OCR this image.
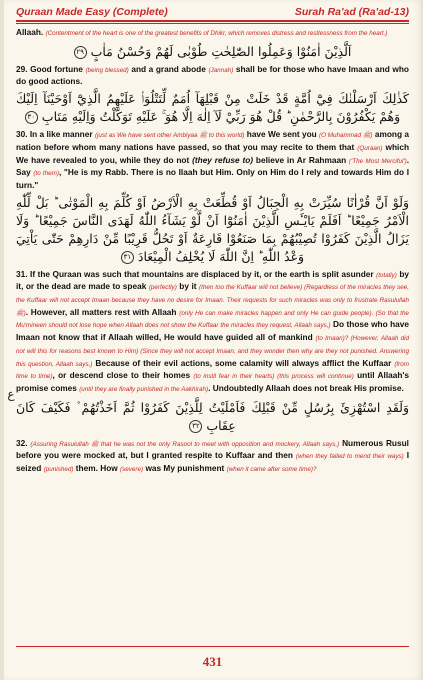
Quraan Made Easy (Complete)	Surah Ra'ad (Ra'ad-13)

Allaah. (Contentment of the heart is one of the greatest benefits of Dhikr, which removes distress and restlessness from the heart.)

اَلَّذِيْنَ اٰمَنُوْا وَعَمِلُوا الصّٰلِحٰتِ طُوْبٰى لَهُمْ وَحُسْنُ مَاٰبٍ ٢٩

29. Good fortune (being blessed) and a grand abode (Jannah) shall be for those who have Imaan and who do good actions.

كَذٰلِكَ اَرْسَلْنٰكَ فِيْٓ اُمَّةٍ قَدْ خَلَتْ مِنْ قَبْلِهَآ اُمَمٌ لِّتَتْلُوَا۟ عَلَيْهِمُ الَّذِيْٓ اَوْحَيْنَآ اِلَيْكَ وَهُمْ يَكْفُرُوْنَ بِالرَّحْمٰنِ ؕ قُلْ هُوَ رَبِّيْ لَآ اِلٰهَ اِلَّا هُوَ ۚ عَلَيْهِ تَوَكَّلْتُ وَاِلَيْهِ مَتَابِ ٣٠

30. In a like manner (just as We have sent other Ambiyaa ﷺ to this world) have We sent you (O Muhammad ﷺ) among a nation before whom many nations have passed, so that you may recite to them that (Quraan) which We have revealed to you, while they do not (they refuse to) believe in Ar Rahmaan ('The Most Merciful'). Say (to them), "He is my Rabb. There is no Ilaah but Him. Only on Him do I rely and towards Him do I turn."

وَلَوْ اَنَّ قُرْاٰنًا سُيِّرَتْ بِهِ الْجِبَالُ اَوْ قُطِّعَتْ بِهِ الْاَرْضُ اَوْ كُلِّمَ بِهِ الْمَوْتٰى ؕ بَلْ لِّلّٰهِ الْاَمْرُ جَمِيْعًا ؕ اَفَلَمْ يَايْـَٔسِ الَّذِيْنَ اٰمَنُوْٓا اَنْ لَّوْ يَشَآءُ اللّٰهُ لَهَدَى النَّاسَ جَمِيْعًا ؕ وَلَا يَزَالُ الَّذِيْنَ كَفَرُوْا تُصِيْبُهُمْ بِمَا صَنَعُوْا قَارِعَةٌ اَوْ تَحُلُّ قَرِيْبًا مِّنْ دَارِهِمْ حَتّٰى يَاْتِيَ وَعْدُ اللّٰهِ ؕ اِنَّ اللّٰهَ لَا يُخْلِفُ الْمِيْعَادَ ٣١

31. If the Quraan was such that mountains are displaced by it, or the earth is split asunder (totally) by it, or the dead are made to speak (perfectly) by it (then too the Kuffaar will not believe) (Regardless of the miracles they see, the Kuffaar will not accept Imaan because they have no desire for Imaan. Their requests for such miracles was only to frustrate Rasulullah ﷺ). However, all matters rest with Allaah (only He can make miracles happen and only He can guide people). (So that the Mu'mineen should not lose hope when Allaah does not show the Kuffaar the miracles they request, Allaah says,) Do those who have Imaan not know that if Allaah willed, He would have guided all of mankind (to Imaan)? (However, Allaah did not will this for reasons best known to Him) (Since they will not accept Imaan, and they wonder then why are they not punished. Answering this question, Allaah says,) Because of their evil actions, some calamity will always afflict the Kuffaar (from time to time), or descend close to their homes (to instil fear in their hearts) (this process will continue) until Allaah's promise comes (until they are finally punished in the Aakhirah). Undoubtedly Allaah does not break His promise.

وَلَقَدِ اسْتُهْزِئَ بِرُسُلٍ مِّنْ قَبْلِكَ فَاَمْلَيْتُ لِلَّذِيْنَ كَفَرُوْا ثُمَّ اَخَذْتُهُمْ ۫ فَكَيْفَ كَانَ عِقَابِ ٣٢

32. (Assuring Rasulullah ﷺ that he was not the only Rasool to meet with opposition and mockery, Allaah says,) Numerous Rusul before you were mocked at, but I granted respite to Kuffaar and then (when they failed to mend their ways) I seized (punished) them. How (severe) was My punishment (when it came after some time)?

ع
431
